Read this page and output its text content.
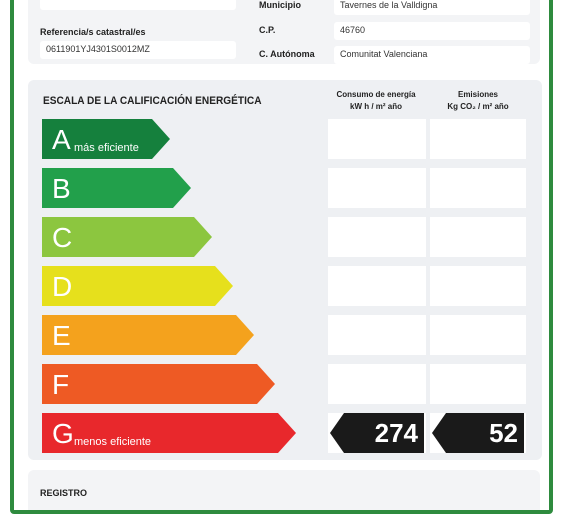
Municipio	Tavernes de la Valldigna
Referencia/s catastral/es	C.P.	46760
0611901YJ4301S0012MZ	C. Autónoma	Comunitat Valenciana
ESCALA DE LA CALIFICACIÓN ENERGÉTICA
Consumo de energía
kW h / m² año
Emisiones
Kg CO₂ / m² año
A más eficiente
B
C
D
E
F
G menos eficiente	274	52
REGISTRO
